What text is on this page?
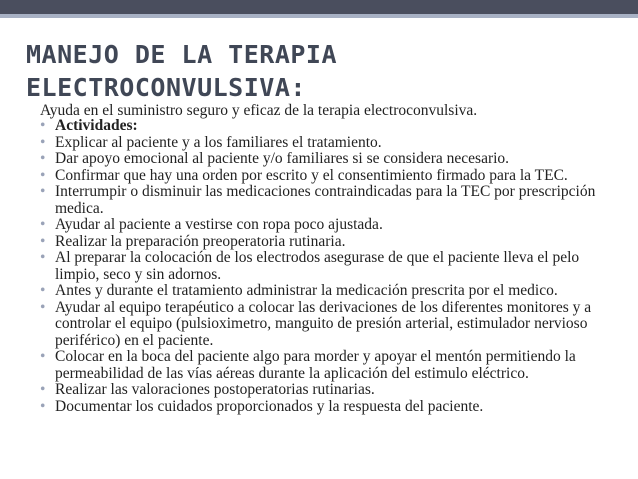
MANEJO DE LA TERAPIA
ELECTROCONVULSIVA:

Ayuda en el suministro seguro y eficaz de la terapia electroconvulsiva.

• Actividades:
• Explicar al paciente y a los familiares el tratamiento.
• Dar apoyo emocional al paciente y/o familiares si se considera necesario.
• Confirmar que hay una orden por escrito y el consentimiento firmado para la TEC.
• Interrumpir o disminuir las medicaciones contraindicadas para la TEC por prescripción medica.
• Ayudar al paciente a vestirse con ropa poco ajustada.
• Realizar la preparación preoperatoria rutinaria.
• Al preparar la colocación de los electrodos asegurase de que el paciente lleva el pelo limpio, seco y sin adornos.
• Antes y durante el tratamiento administrar la medicación prescrita por el medico.
• Ayudar al equipo terapéutico a colocar las derivaciones de los diferentes monitores y a controlar el equipo (pulsioximetro, manguito de presión arterial, estimulador nervioso periférico) en el paciente.
• Colocar en la boca del paciente algo para morder y apoyar el mentón permitiendo la permeabilidad de las vías aéreas durante la aplicación del estimulo eléctrico.
• Realizar las valoraciones postoperatorias rutinarias.
• Documentar los cuidados proporcionados y la respuesta del paciente.
